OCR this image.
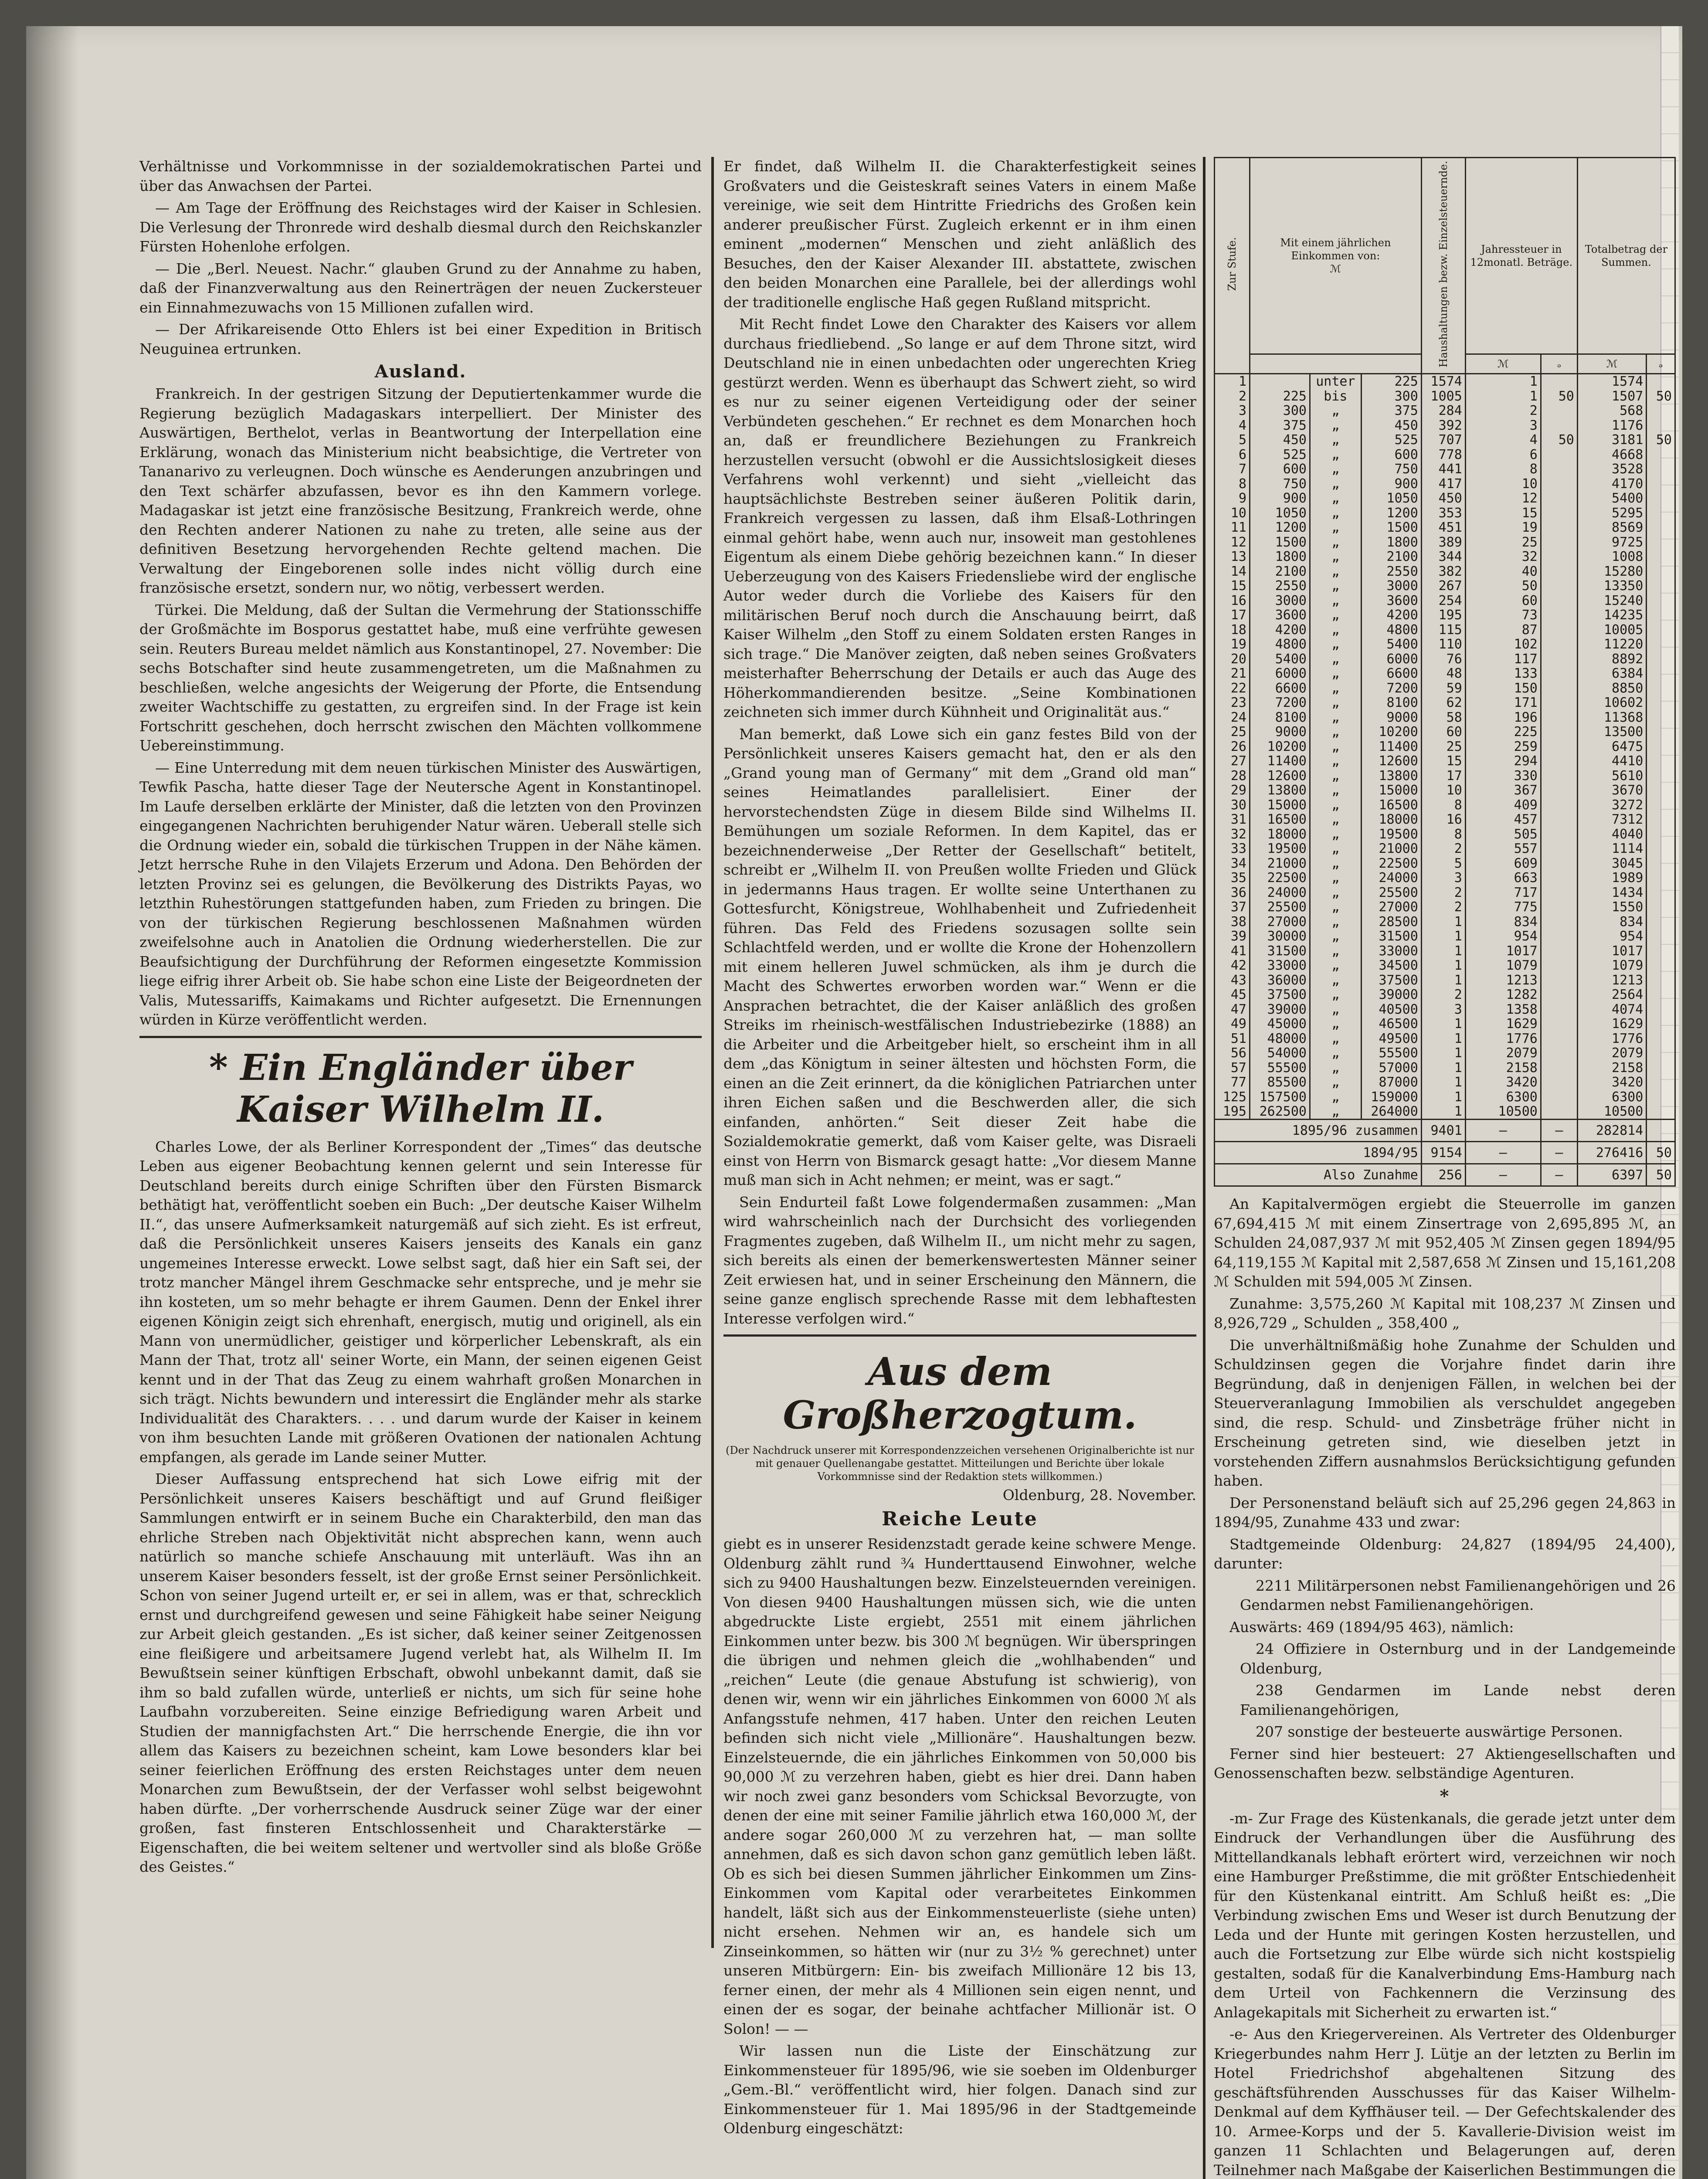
Verhältnisse und Vorkommnisse in der sozialdemokratischen Partei und über das Anwachsen der Partei.

— Am Tage der Eröffnung des Reichstages wird der Kaiser in Schlesien. Die Verlesung der Thronrede wird deshalb diesmal durch den Reichskanzler Fürsten Hohenlohe erfolgen.

— Die „Berl. Neuest. Nachr.“ glauben Grund zu der Annahme zu haben, daß der Finanzverwaltung aus den Reinerträgen der neuen Zuckersteuer ein Einnahmezuwachs von 15 Millionen zufallen wird.

— Der Afrikareisende Otto Ehlers ist bei einer Expedition in Britisch Neuguinea ertrunken.

Ausland.

Frankreich. In der gestrigen Sitzung der Deputiertenkammer wurde die Regierung bezüglich Madagaskars interpelliert. Der Minister des Auswärtigen, Berthelot, verlas in Beantwortung der Interpellation eine Erklärung, wonach das Ministerium nicht beabsichtige, die Vertreter von Tananarivo zu verleugnen. Doch wünsche es Aenderungen anzubringen und den Text schärfer abzufassen, bevor es ihn den Kammern vorlege. Madagaskar ist jetzt eine französische Besitzung, Frankreich werde, ohne den Rechten anderer Nationen zu nahe zu treten, alle seine aus der definitiven Besetzung hervorgehenden Rechte geltend machen. Die Verwaltung der Eingeborenen solle indes nicht völlig durch eine französische ersetzt, sondern nur, wo nötig, verbessert werden.

Türkei. Die Meldung, daß der Sultan die Vermehrung der Stationsschiffe der Großmächte im Bosporus gestattet habe, muß eine verfrühte gewesen sein. Reuters Bureau meldet nämlich aus Konstantinopel, 27. November: Die sechs Botschafter sind heute zusammengetreten, um die Maßnahmen zu beschließen, welche angesichts der Weigerung der Pforte, die Entsendung zweiter Wachtschiffe zu gestatten, zu ergreifen sind. In der Frage ist kein Fortschritt geschehen, doch herrscht zwischen den Mächten vollkommene Uebereinstimmung.

— Eine Unterredung mit dem neuen türkischen Minister des Auswärtigen, Tewfik Pascha, hatte dieser Tage der Neutersche Agent in Konstantinopel. Im Laufe derselben erklärte der Minister, daß die letzten von den Provinzen eingegangenen Nachrichten beruhigender Natur wären. Ueberall stelle sich die Ordnung wieder ein, sobald die türkischen Truppen in der Nähe kämen. Jetzt herrsche Ruhe in den Vilajets Erzerum und Adona. Den Behörden der letzten Provinz sei es gelungen, die Bevölkerung des Distrikts Payas, wo letzthin Ruhestörungen stattgefunden haben, zum Frieden zu bringen. Die von der türkischen Regierung beschlossenen Maßnahmen würden zweifelsohne auch in Anatolien die Ordnung wiederherstellen. Die zur Beaufsichtigung der Durchführung der Reformen eingesetzte Kommission liege eifrig ihrer Arbeit ob. Sie habe schon eine Liste der Beigeordneten der Valis, Mutessariffs, Kaimakams und Richter aufgesetzt. Die Ernennungen würden in Kürze veröffentlicht werden.

* Ein Engländer über Kaiser Wilhelm II.

Charles Lowe, der als Berliner Korrespondent der „Times“ das deutsche Leben aus eigener Beobachtung kennen gelernt und sein Interesse für Deutschland bereits durch einige Schriften über den Fürsten Bismarck bethätigt hat, veröffentlicht soeben ein Buch: „Der deutsche Kaiser Wilhelm II.“, das unsere Aufmerksamkeit naturgemäß auf sich zieht. Es ist erfreut, daß die Persönlichkeit unseres Kaisers jenseits des Kanals ein ganz ungemeines Interesse erweckt. Lowe selbst sagt, daß hier ein Saft sei, der trotz mancher Mängel ihrem Geschmacke sehr entspreche, und je mehr sie ihn kosteten, um so mehr behagte er ihrem Gaumen. Denn der Enkel ihrer eigenen Königin zeigt sich ehrenhaft, energisch, mutig und originell, als ein Mann von unermüdlicher, geistiger und körperlicher Lebenskraft, als ein Mann der That, trotz all' seiner Worte, ein Mann, der seinen eigenen Geist kennt und in der That das Zeug zu einem wahrhaft großen Monarchen in sich trägt. Nichts bewundern und interessirt die Engländer mehr als starke Individualität des Charakters. . . . und darum wurde der Kaiser in keinem von ihm besuchten Lande mit größeren Ovationen der nationalen Achtung empfangen, als gerade im Lande seiner Mutter.

Dieser Auffassung entsprechend hat sich Lowe eifrig mit der Persönlichkeit unseres Kaisers beschäftigt und auf Grund fleißiger Sammlungen entwirft er in seinem Buche ein Charakterbild, den man das ehrliche Streben nach Objektivität nicht absprechen kann, wenn auch natürlich so manche schiefe Anschauung mit unterläuft. Was ihn an unserem Kaiser besonders fesselt, ist der große Ernst seiner Persönlichkeit. Schon von seiner Jugend urteilt er, er sei in allem, was er that, schrecklich ernst und durchgreifend gewesen und seine Fähigkeit habe seiner Neigung zur Arbeit gleich gestanden. „Es ist sicher, daß keiner seiner Zeitgenossen eine fleißigere und arbeitsamere Jugend verlebt hat, als Wilhelm II. Im Bewußtsein seiner künftigen Erbschaft, obwohl unbekannt damit, daß sie ihm so bald zufallen würde, unterließ er nichts, um sich für seine hohe Laufbahn vorzubereiten. Seine einzige Befriedigung waren Arbeit und Studien der mannigfachsten Art.“ Die herrschende Energie, die ihn vor allem das Kaisers zu bezeichnen scheint, kam Lowe besonders klar bei seiner feierlichen Eröffnung des ersten Reichstages unter dem neuen Monarchen zum Bewußtsein, der der Verfasser wohl selbst beigewohnt haben dürfte. „Der vorherrschende Ausdruck seiner Züge war der einer großen, fast finsteren Entschlossenheit und Charakterstärke — Eigenschaften, die bei weitem seltener und wertvoller sind als bloße Größe des Geistes.“

Er findet, daß Wilhelm II. die Charakterfestigkeit seines Großvaters und die Geisteskraft seines Vaters in einem Maße vereinige, wie seit dem Hintritte Friedrichs des Großen kein anderer preußischer Fürst. Zugleich erkennt er in ihm einen eminent „modernen“ Menschen und zieht anläßlich des Besuches, den der Kaiser Alexander III. abstattete, zwischen den beiden Monarchen eine Parallele, bei der allerdings wohl der traditionelle englische Haß gegen Rußland mitspricht.

Mit Recht findet Lowe den Charakter des Kaisers vor allem durchaus friedliebend. „So lange er auf dem Throne sitzt, wird Deutschland nie in einen unbedachten oder ungerechten Krieg gestürzt werden. Wenn es überhaupt das Schwert zieht, so wird es nur zu seiner eigenen Verteidigung oder der seiner Verbündeten geschehen.“ Er rechnet es dem Monarchen hoch an, daß er freundlichere Beziehungen zu Frankreich herzustellen versucht (obwohl er die Aussichtslosigkeit dieses Verfahrens wohl verkennt) und sieht „vielleicht das hauptsächlichste Bestreben seiner äußeren Politik darin, Frankreich vergessen zu lassen, daß ihm Elsaß-Lothringen einmal gehört habe, wenn auch nur, insoweit man gestohlenes Eigentum als einem Diebe gehörig bezeichnen kann.“ In dieser Ueberzeugung von des Kaisers Friedensliebe wird der englische Autor weder durch die Vorliebe des Kaisers für den militärischen Beruf noch durch die Anschauung beirrt, daß Kaiser Wilhelm „den Stoff zu einem Soldaten ersten Ranges in sich trage.“ Die Manöver zeigten, daß neben seines Großvaters meisterhafter Beherrschung der Details er auch das Auge des Höherkommandierenden besitze. „Seine Kombinationen zeichneten sich immer durch Kühnheit und Originalität aus.“

Man bemerkt, daß Lowe sich ein ganz festes Bild von der Persönlichkeit unseres Kaisers gemacht hat, den er als den „Grand young man of Germany“ mit dem „Grand old man“ seines Heimatlandes parallelisiert. Einer der hervorstechendsten Züge in diesem Bilde sind Wilhelms II. Bemühungen um soziale Reformen. In dem Kapitel, das er bezeichnenderweise „Der Retter der Gesellschaft“ betitelt, schreibt er „Wilhelm II. von Preußen wollte Frieden und Glück in jedermanns Haus tragen. Er wollte seine Unterthanen zu Gottesfurcht, Königstreue, Wohlhabenheit und Zufriedenheit führen. Das Feld des Friedens sozusagen sollte sein Schlachtfeld werden, und er wollte die Krone der Hohenzollern mit einem helleren Juwel schmücken, als ihm je durch die Macht des Schwertes erworben worden war.“ Wenn er die Ansprachen betrachtet, die der Kaiser anläßlich des großen Streiks im rheinisch-westfälischen Industriebezirke (1888) an die Arbeiter und die Arbeitgeber hielt, so erscheint ihm in all dem „das Königtum in seiner ältesten und höchsten Form, die einen an die Zeit erinnert, da die königlichen Patriarchen unter ihren Eichen saßen und die Beschwerden aller, die sich einfanden, anhörten.“ Seit dieser Zeit habe die Sozialdemokratie gemerkt, daß vom Kaiser gelte, was Disraeli einst von Herrn von Bismarck gesagt hatte: „Vor diesem Manne muß man sich in Acht nehmen; er meint, was er sagt.“

Sein Endurteil faßt Lowe folgendermaßen zusammen: „Man wird wahrscheinlich nach der Durchsicht des vorliegenden Fragmentes zugeben, daß Wilhelm II., um nicht mehr zu sagen, sich bereits als einen der bemerkenswertesten Männer seiner Zeit erwiesen hat, und in seiner Erscheinung den Männern, die seine ganze englisch sprechende Rasse mit dem lebhaftesten Interesse verfolgen wird.“

Aus dem Großherzogtum.
(Der Nachdruck unserer mit Korrespondenzzeichen versehenen Originalberichte ist nur mit genauer Quellenangabe gestattet. Mitteilungen und Berichte über lokale Vorkommnisse sind der Redaktion stets willkommen.)
Oldenburg, 28. November.
Reiche Leute

giebt es in unserer Residenzstadt gerade keine schwere Menge. Oldenburg zählt rund ¾ Hunderttausend Einwohner, welche sich zu 9400 Haushaltungen bezw. Einzelsteuernden vereinigen. Von diesen 9400 Haushaltungen müssen sich, wie die unten abgedruckte Liste ergiebt, 2551 mit einem jährlichen Einkommen unter bezw. bis 300 ℳ begnügen. Wir überspringen die übrigen und nehmen gleich die „wohlhabenden“ und „reichen“ Leute (die genaue Abstufung ist schwierig), von denen wir, wenn wir ein jährliches Einkommen von 6000 ℳ als Anfangsstufe nehmen, 417 haben. Unter den reichen Leuten befinden sich nicht viele „Millionäre“. Haushaltungen bezw. Einzelsteuernde, die ein jährliches Einkommen von 50,000 bis 90,000 ℳ zu verzehren haben, giebt es hier drei. Dann haben wir noch zwei ganz besonders vom Schicksal Bevorzugte, von denen der eine mit seiner Familie jährlich etwa 160,000 ℳ, der andere sogar 260,000 ℳ zu verzehren hat, — man sollte annehmen, daß es sich davon schon ganz gemütlich leben läßt. Ob es sich bei diesen Summen jährlicher Einkommen um Zins-Einkommen vom Kapital oder verarbeitetes Einkommen handelt, läßt sich aus der Einkommensteuerliste (siehe unten) nicht ersehen. Nehmen wir an, es handele sich um Zinseinkommen, so hätten wir (nur zu 3½ % gerechnet) unter unseren Mitbürgern: Ein- bis zweifach Millionäre 12 bis 13, ferner einen, der mehr als 4 Millionen sein eigen nennt, und einen der es sogar, der beinahe achtfacher Millionär ist. O Solon! — —

Wir lassen nun die Liste der Einschätzung zur Einkommensteuer für 1895/96, wie sie soeben im Oldenburger „Gem.-Bl.“ veröffentlicht wird, hier folgen. Danach sind zur Einkommensteuer für 1. Mai 1895/96 in der Stadtgemeinde Oldenburg eingeschätzt:

Zur Stufe.	Mit einem jährlichen Einkommen von:
ℳ			Haushaltungen bezw. Einzelsteuernde.	Jahressteuer in 12monatl. Beträge.		Totalbetrag der Summen.	
					ℳ	ₔ	ℳ	ₔ
1		unter	225	1574	1		1574	
2	225	bis	300	1005	1	50	1507	50
3	300	„	375	284	2		568	
4	375	„	450	392	3		1176	
5	450	„	525	707	4	50	3181	50
6	525	„	600	778	6		4668	
7	600	„	750	441	8		3528	
8	750	„	900	417	10		4170	
9	900	„	1050	450	12		5400	
10	1050	„	1200	353	15		5295	
11	1200	„	1500	451	19		8569	
12	1500	„	1800	389	25		9725	
13	1800	„	2100	344	32		1008	
14	2100	„	2550	382	40		15280	
15	2550	„	3000	267	50		13350	
16	3000	„	3600	254	60		15240	
17	3600	„	4200	195	73		14235	
18	4200	„	4800	115	87		10005	
19	4800	„	5400	110	102		11220	
20	5400	„	6000	76	117		8892	
21	6000	„	6600	48	133		6384	
22	6600	„	7200	59	150		8850	
23	7200	„	8100	62	171		10602	
24	8100	„	9000	58	196		11368	
25	9000	„	10200	60	225		13500	
26	10200	„	11400	25	259		6475	
27	11400	„	12600	15	294		4410	
28	12600	„	13800	17	330		5610	
29	13800	„	15000	10	367		3670	
30	15000	„	16500	8	409		3272	
31	16500	„	18000	16	457		7312	
32	18000	„	19500	8	505		4040	
33	19500	„	21000	2	557		1114	
34	21000	„	22500	5	609		3045	
35	22500	„	24000	3	663		1989	
36	24000	„	25500	2	717		1434	
37	25500	„	27000	2	775		1550	
38	27000	„	28500	1	834		834	
39	30000	„	31500	1	954		954	
41	31500	„	33000	1	1017		1017	
42	33000	„	34500	1	1079		1079	
43	36000	„	37500	1	1213		1213	
45	37500	„	39000	2	1282		2564	
47	39000	„	40500	3	1358		4074	
49	45000	„	46500	1	1629		1629	
51	48000	„	49500	1	1776		1776	
56	54000	„	55500	1	2079		2079	
57	55500	„	57000	1	2158		2158	
77	85500	„	87000	1	3420		3420	
125	157500	„	159000	1	6300		6300	
195	262500	„	264000	1	10500		10500	
1895/96 zusammen				9401	—	—	282814	
1894/95				9154	—	—	276416	50
Also Zunahme				256	—	—	6397	50

An Kapitalvermögen ergiebt die Steuerrolle im ganzen 67,694,415 ℳ mit einem Zinsertrage von 2,695,895 ℳ, an Schulden 24,087,937 ℳ mit 952,405 ℳ Zinsen gegen 1894/95 64,119,155 ℳ Kapital mit 2,587,658 ℳ Zinsen und 15,161,208 ℳ Schulden mit 594,005 ℳ Zinsen.

Zunahme: 3,575,260 ℳ Kapital mit 108,237 ℳ Zinsen und 8,926,729 „ Schulden „ 358,400 „

Die unverhältnißmäßig hohe Zunahme der Schulden und Schuldzinsen gegen die Vorjahre findet darin ihre Begründung, daß in denjenigen Fällen, in welchen bei der Steuerveranlagung Immobilien als verschuldet angegeben sind, die resp. Schuld- und Zinsbeträge früher nicht in Erscheinung getreten sind, wie dieselben jetzt in vorstehenden Ziffern ausnahmslos Berücksichtigung gefunden haben.

Der Personenstand beläuft sich auf 25,296 gegen 24,863 in 1894/95, Zunahme 433 und zwar:

Stadtgemeinde Oldenburg: 24,827 (1894/95 24,400), darunter:

2211 Militärpersonen nebst Familienangehörigen und 26 Gendarmen nebst Familienangehörigen.

Auswärts: 469 (1894/95 463), nämlich:

24 Offiziere in Osternburg und in der Landgemeinde Oldenburg,

238 Gendarmen im Lande nebst deren Familienangehörigen,

207 sonstige der besteuerte auswärtige Personen.

Ferner sind hier besteuert: 27 Aktiengesellschaften und Genossenschaften bezw. selbständige Agenturen.

*

-m- Zur Frage des Küstenkanals, die gerade jetzt unter dem Eindruck der Verhandlungen über die Ausführung des Mittellandkanals lebhaft erörtert wird, verzeichnen wir noch eine Hamburger Preßstimme, die mit größter Entschiedenheit für den Küstenkanal eintritt. Am Schluß heißt es: „Die Verbindung zwischen Ems und Weser ist durch Benutzung der Leda und der Hunte mit geringen Kosten herzustellen, und auch die Fortsetzung zur Elbe würde sich nicht kostspielig gestalten, sodaß für die Kanalverbindung Ems-Hamburg nach dem Urteil von Fachkennern die Verzinsung des Anlagekapitals mit Sicherheit zu erwarten ist.“

-e- Aus den Kriegervereinen. Als Vertreter des Oldenburger Kriegerbundes nahm Herr J. Lütje an der letzten zu Berlin im Hotel Friedrichshof abgehaltenen Sitzung des geschäftsführenden Ausschusses für das Kaiser Wilhelm-Denkmal auf dem Kyffhäuser teil. — Der Gefechtskalender des 10. Armee-Korps und der 5. Kavallerie-Division weist im ganzen 11 Schlachten und Belagerungen auf, deren Teilnehmer nach Maßgabe der Kaiserlichen Bestimmungen die
